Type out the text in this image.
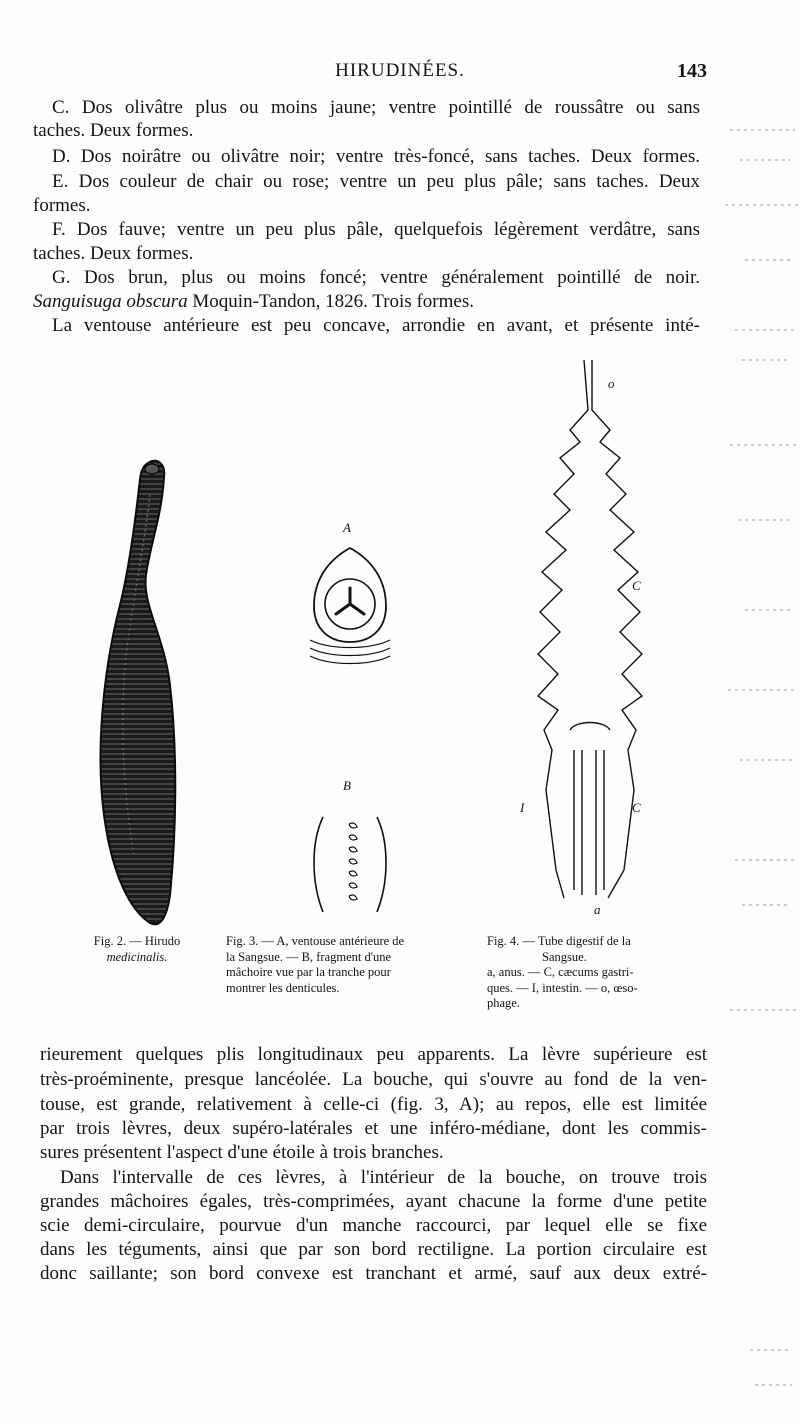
HIRUDINÉES.	143
C. Dos olivâtre plus ou moins jaune; ventre pointillé de roussâtre ou sans
taches. Deux formes.
D. Dos noirâtre ou olivâtre noir; ventre très-foncé, sans taches. Deux formes.
E. Dos couleur de chair ou rose; ventre un peu plus pâle; sans taches. Deux
formes.
F. Dos fauve; ventre un peu plus pâle, quelquefois légèrement verdâtre, sans
taches. Deux formes.
G. Dos brun, plus ou moins foncé; ventre généralement pointillé de noir.
Sanguisuga obscura Moquin-Tandon, 1826. Trois formes.
La ventouse antérieure est peu concave, arrondie en avant, et présente inté-
A
B
o
C
I	C
a
Fig. 2. — Hirudo
medicinalis.
Fig. 3. — A, ventouse antérieure de
la Sangsue. — B, fragment d'une
mâchoire vue par la tranche pour
montrer les denticules.
Fig. 4. — Tube digestif de la
Sangsue.
a, anus. — C, cæcums gastri-
ques. — I, intestin. — o, œso-
phage.
rieurement quelques plis longitudinaux peu apparents. La lèvre supérieure est
très-proéminente, presque lancéolée. La bouche, qui s'ouvre au fond de la ven-
touse, est grande, relativement à celle-ci (fig. 3, A); au repos, elle est limitée
par trois lèvres, deux supéro-latérales et une inféro-médiane, dont les commis-
sures présentent l'aspect d'une étoile à trois branches.
Dans l'intervalle de ces lèvres, à l'intérieur de la bouche, on trouve trois
grandes mâchoires égales, très-comprimées, ayant chacune la forme d'une petite
scie demi-circulaire, pourvue d'un manche raccourci, par lequel elle se fixe
dans les téguments, ainsi que par son bord rectiligne. La portion circulaire est
donc saillante; son bord convexe est tranchant et armé, sauf aux deux extré-
